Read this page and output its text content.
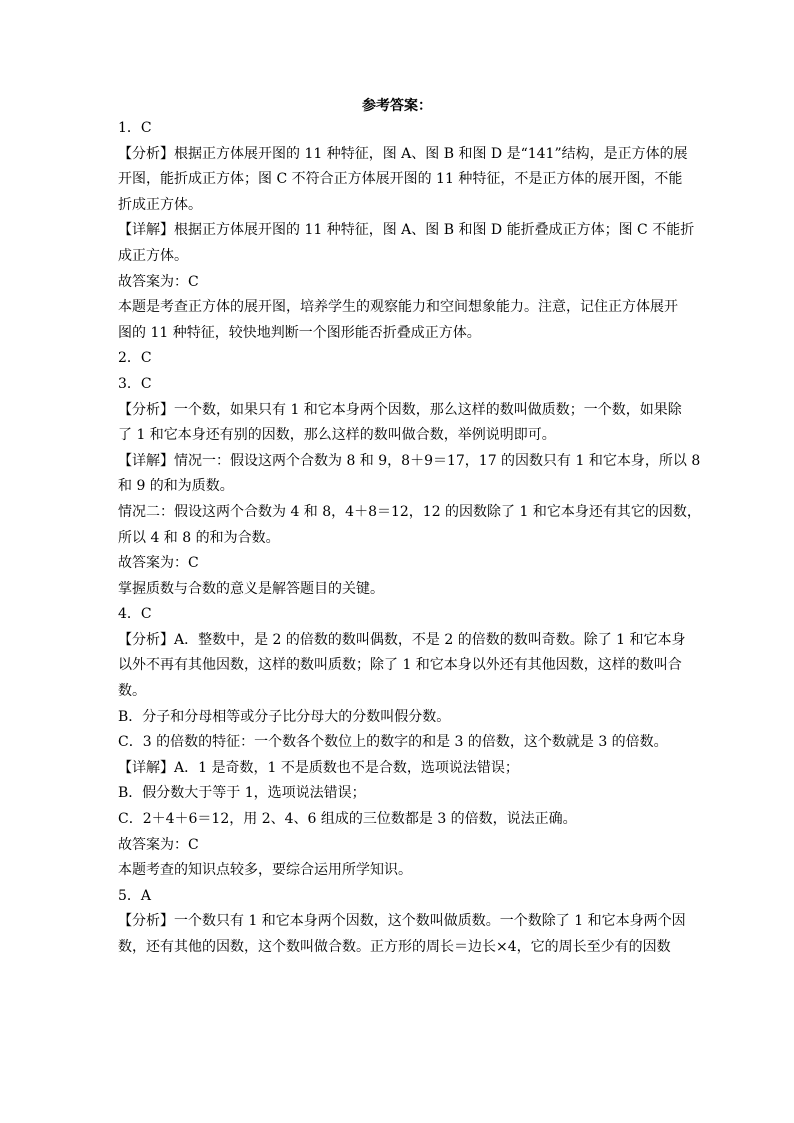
参考答案：

1．C

【分析】根据正方体展开图的 11 种特征，图 A、图 B 和图 D 是“141”结构，是正方体的展

开图，能折成正方体；图 C 不符合正方体展开图的 11 种特征，不是正方体的展开图，不能

折成正方体。

【详解】根据正方体展开图的 11 种特征，图 A、图 B 和图 D 能折叠成正方体；图 C 不能折

成正方体。

故答案为：C

本题是考查正方体的展开图，培养学生的观察能力和空间想象能力。注意，记住正方体展开

图的 11 种特征，较快地判断一个图形能否折叠成正方体。

2．C

3．C

【分析】一个数，如果只有 1 和它本身两个因数，那么这样的数叫做质数；一个数，如果除

了 1 和它本身还有别的因数，那么这样的数叫做合数，举例说明即可。

【详解】情况一：假设这两个合数为 8 和 9，8＋9＝17，17 的因数只有 1 和它本身，所以 8

和 9 的和为质数。

情况二：假设这两个合数为 4 和 8，4＋8＝12，12 的因数除了 1 和它本身还有其它的因数，

所以 4 和 8 的和为合数。

故答案为：C

掌握质数与合数的意义是解答题目的关键。

4．C

【分析】A．整数中，是 2 的倍数的数叫偶数，不是 2 的倍数的数叫奇数。除了 1 和它本身

以外不再有其他因数，这样的数叫质数；除了 1 和它本身以外还有其他因数，这样的数叫合

数。

B．分子和分母相等或分子比分母大的分数叫假分数。

C．3 的倍数的特征：一个数各个数位上的数字的和是 3 的倍数，这个数就是 3 的倍数。

【详解】A．1 是奇数，1 不是质数也不是合数，选项说法错误；

B．假分数大于等于 1，选项说法错误；

C．2＋4＋6＝12，用 2、4、6 组成的三位数都是 3 的倍数，说法正确。

故答案为：C

本题考查的知识点较多，要综合运用所学知识。

5．A

【分析】一个数只有 1 和它本身两个因数，这个数叫做质数。一个数除了 1 和它本身两个因

数，还有其他的因数，这个数叫做合数。正方形的周长＝边长×4，它的周长至少有的因数
